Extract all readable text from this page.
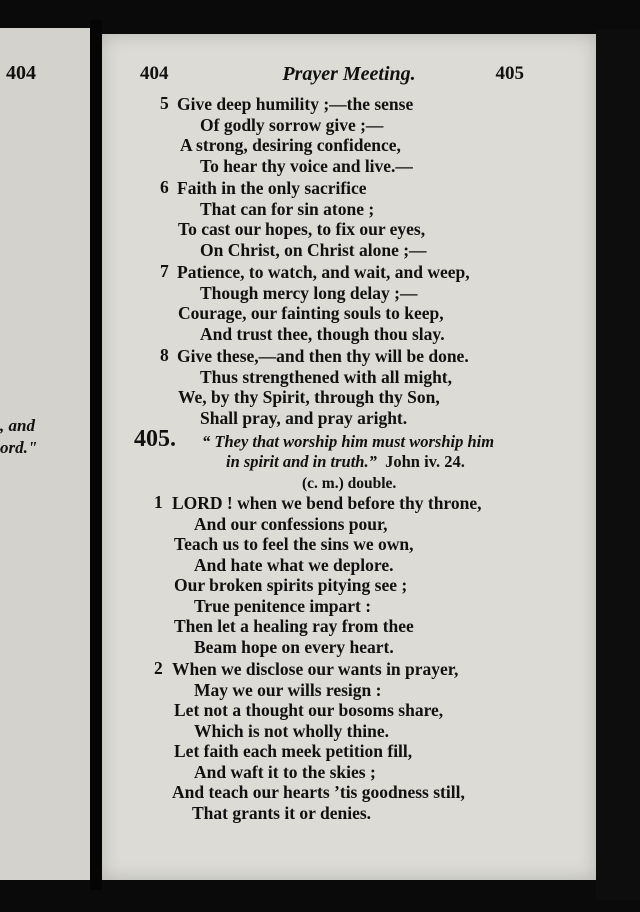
404
, and
ord."
404	Prayer Meeting.	405
5 Give deep humility ;—the sense
Of godly sorrow give ;—
A strong, desiring confidence,
To hear thy voice and live.—
6 Faith in the only sacrifice
That can for sin atone ;
To cast our hopes, to fix our eyes,
On Christ, on Christ alone ;—
7 Patience, to watch, and wait, and weep,
Though mercy long delay ;—
Courage, our fainting souls to keep,
And trust thee, though thou slay.
8 Give these,—and then thy will be done.
Thus strengthened with all might,
We, by thy Spirit, through thy Son,
Shall pray, and pray aright.
405. “ They that worship him must worship him
in spirit and in truth.” John iv. 24.
(c. m.) double.
1 LORD ! when we bend before thy throne,
And our confessions pour,
Teach us to feel the sins we own,
And hate what we deplore.
Our broken spirits pitying see ;
True penitence impart :
Then let a healing ray from thee
Beam hope on every heart.
2 When we disclose our wants in prayer,
May we our wills resign :
Let not a thought our bosoms share,
Which is not wholly thine.
Let faith each meek petition fill,
And waft it to the skies ;
And teach our hearts ’tis goodness still,
That grants it or denies.
